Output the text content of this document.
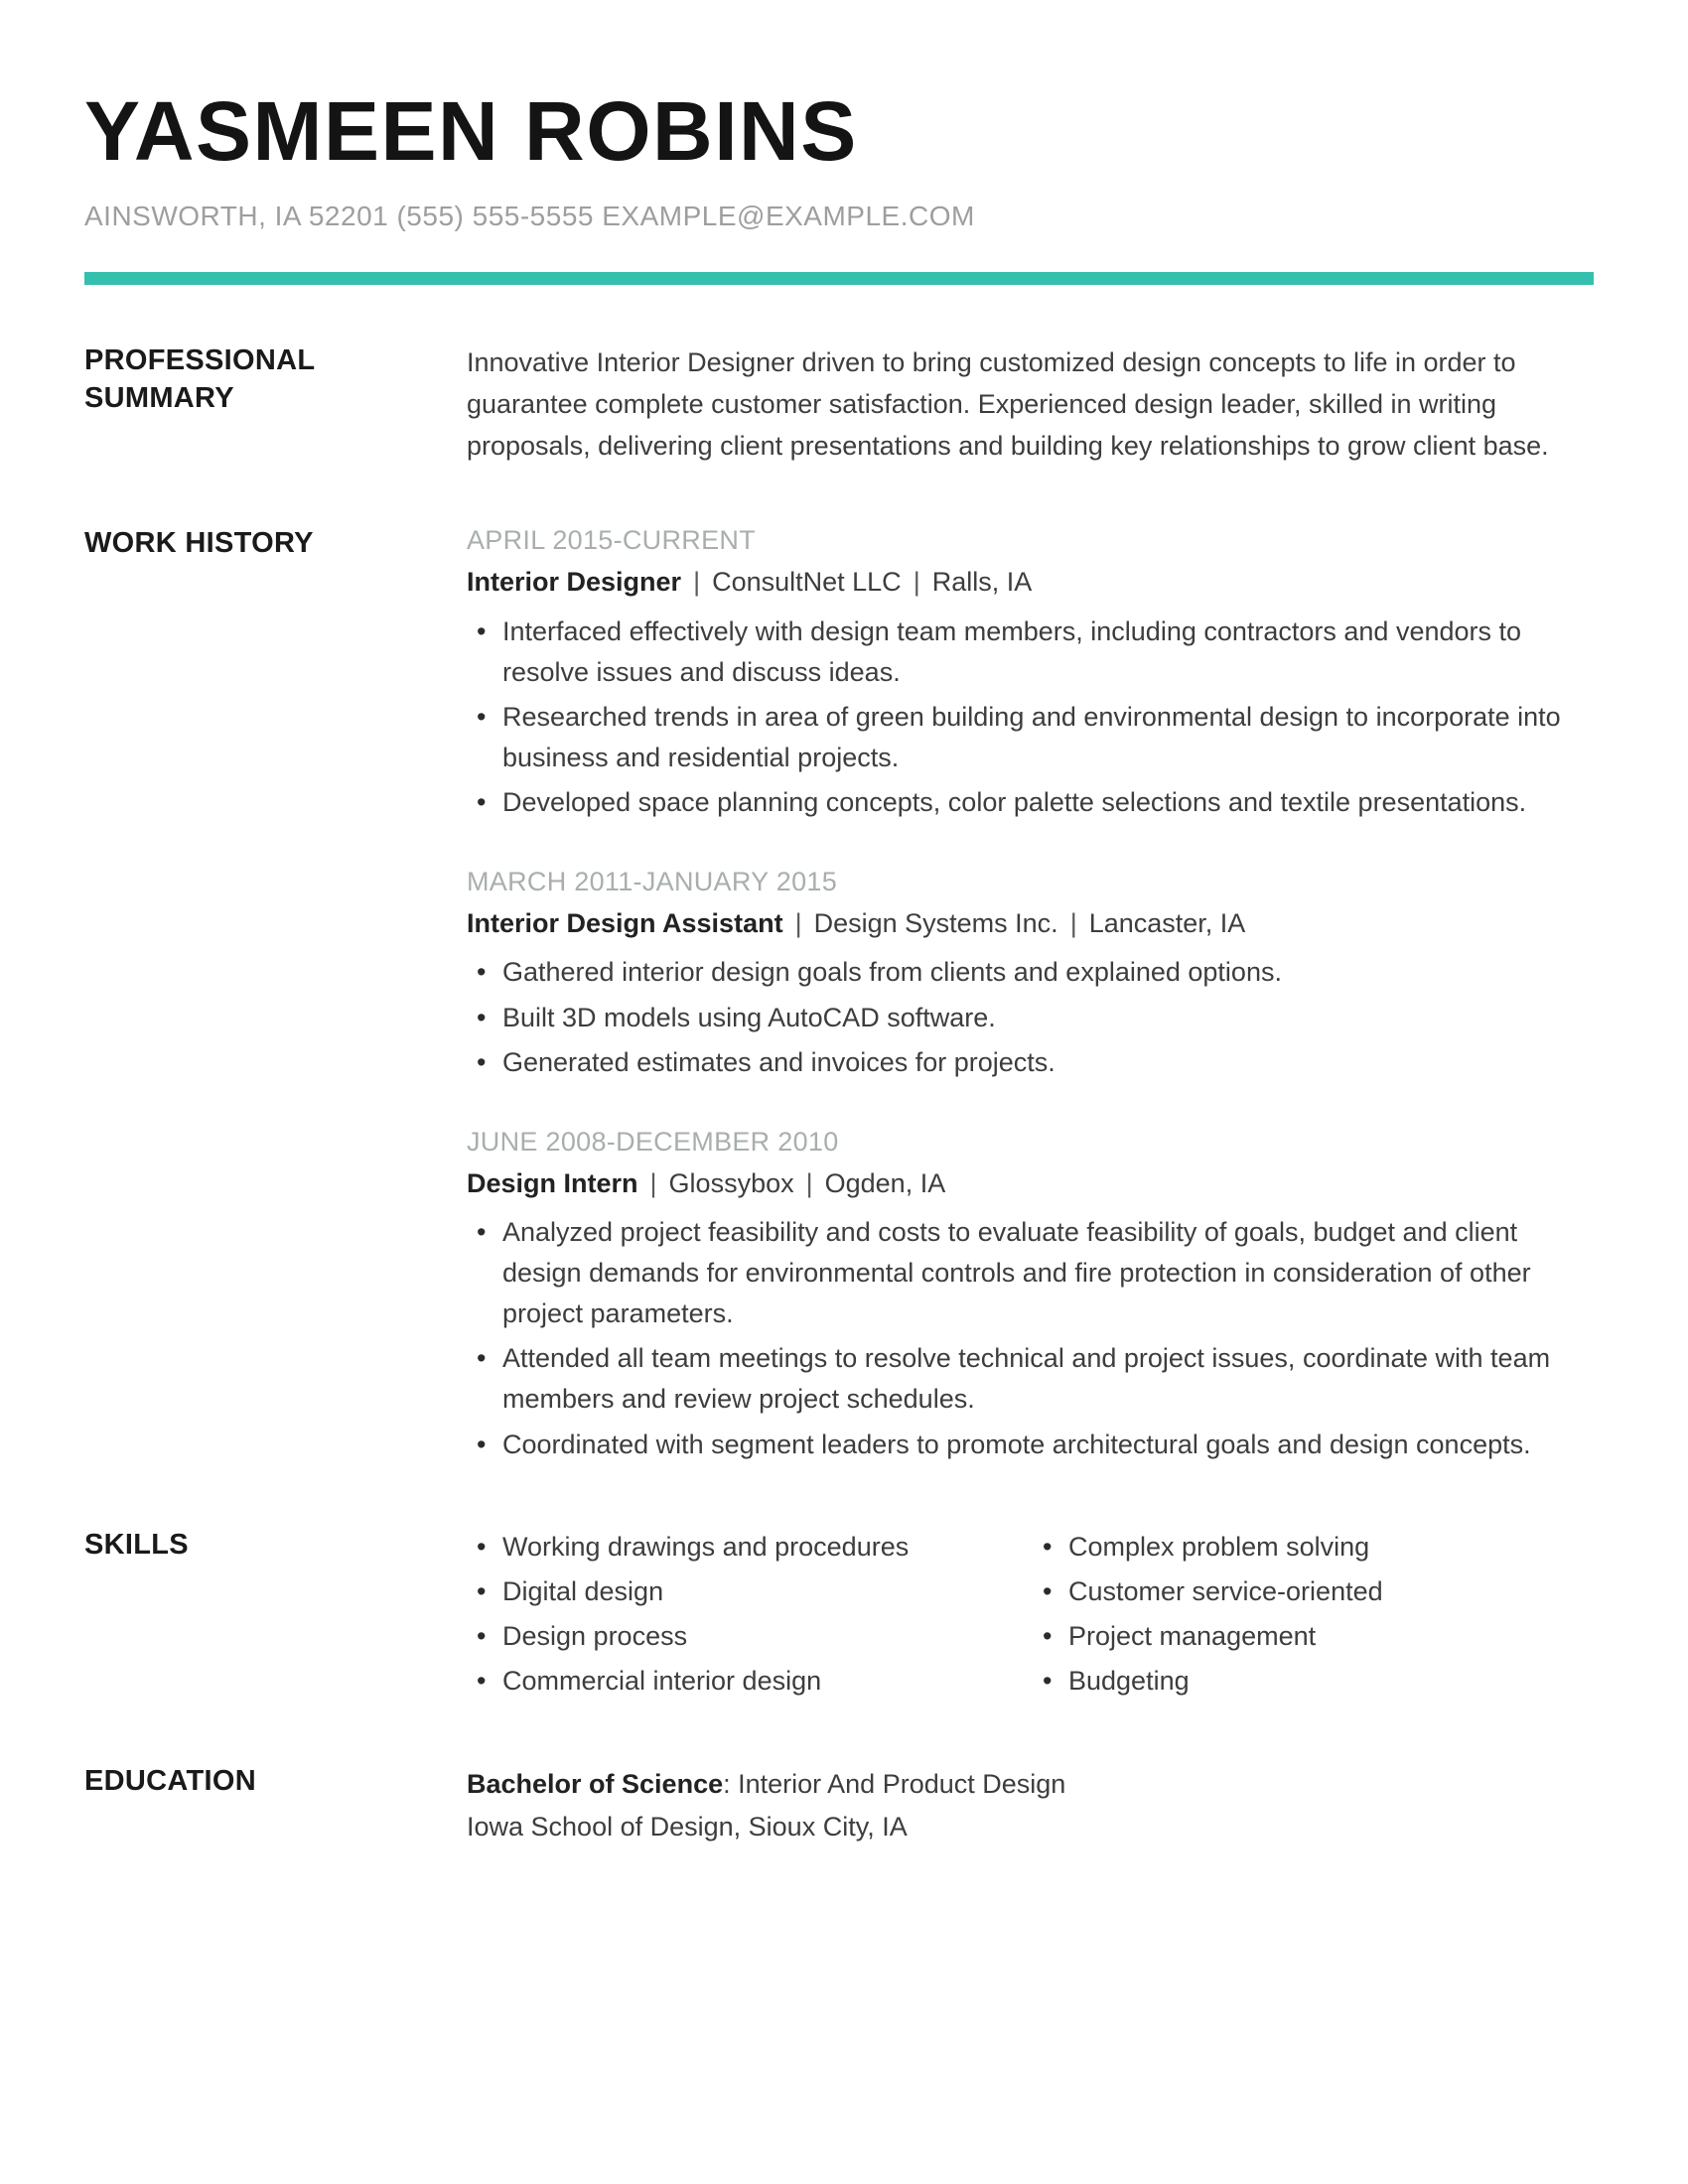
YASMEEN ROBINS
AINSWORTH, IA 52201 (555) 555-5555 EXAMPLE@EXAMPLE.COM
PROFESSIONAL SUMMARY

Innovative Interior Designer driven to bring customized design concepts to life in order to guarantee complete customer satisfaction. Experienced design leader, skilled in writing proposals, delivering client presentations and building key relationships to grow client base.

WORK HISTORY	APRIL 2015-CURRENT
Interior Designer | ConsultNet LLC | Ralls, IA
• Interfaced effectively with design team members, including contractors and vendors to resolve issues and discuss ideas.
• Researched trends in area of green building and environmental design to incorporate into business and residential projects.
• Developed space planning concepts, color palette selections and textile presentations.
MARCH 2011-JANUARY 2015
Interior Design Assistant | Design Systems Inc. | Lancaster, IA
• Gathered interior design goals from clients and explained options.
• Built 3D models using AutoCAD software.
• Generated estimates and invoices for projects.
JUNE 2008-DECEMBER 2010
Design Intern | Glossybox | Ogden, IA
• Analyzed project feasibility and costs to evaluate feasibility of goals, budget and client design demands for environmental controls and fire protection in consideration of other project parameters.
• Attended all team meetings to resolve technical and project issues, coordinate with team members and review project schedules.
• Coordinated with segment leaders to promote architectural goals and design concepts.
SKILLS	• Working drawings and procedures
• Digital design
• Design process
• Commercial interior design
• Complex problem solving
• Customer service-oriented
• Project management
• Budgeting
EDUCATION	Bachelor of Science: Interior And Product Design

Iowa School of Design, Sioux City, IA
